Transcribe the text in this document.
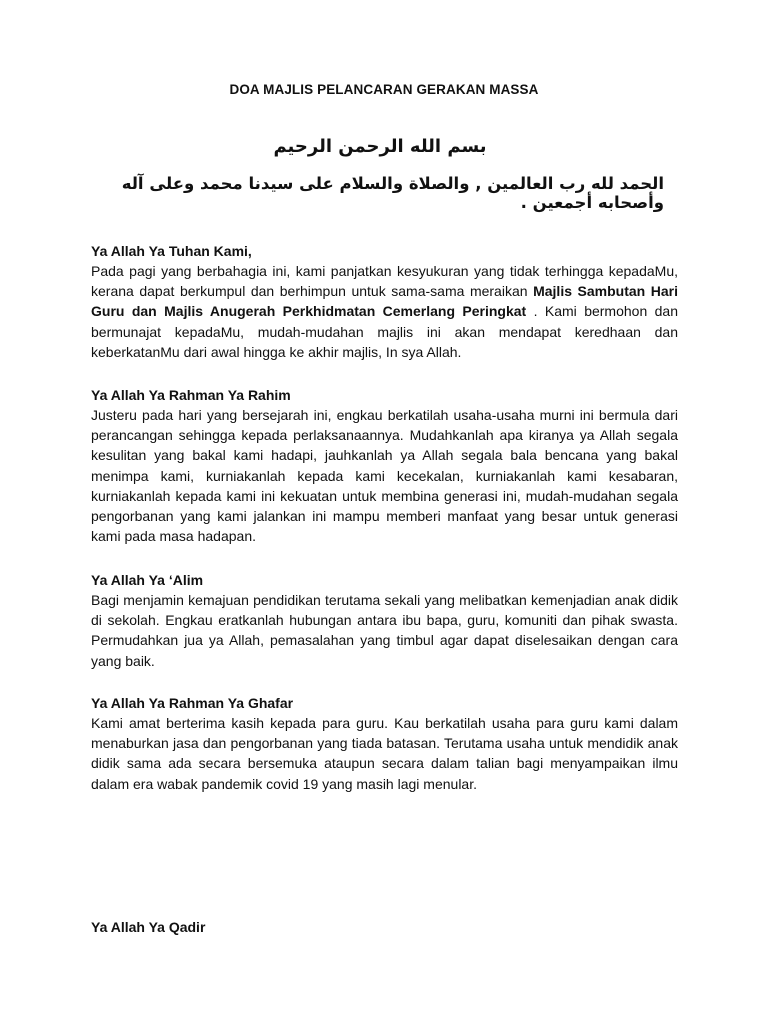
DOA MAJLIS PELANCARAN GERAKAN MASSA
بسم الله الرحمن الرحيم
الحمد لله رب العالمين , والصلاة والسلام على سيدنا محمد وعلى آله وأصحابه أجمعين .

Ya Allah Ya Tuhan Kami,

Pada pagi yang berbahagia ini, kami panjatkan kesyukuran yang tidak terhingga kepadaMu, kerana dapat berkumpul dan berhimpun untuk sama-sama meraikan Majlis Sambutan Hari Guru dan Majlis Anugerah Perkhidmatan Cemerlang Peringkat . Kami bermohon dan bermunajat kepadaMu, mudah-mudahan majlis ini akan mendapat keredhaan dan keberkatanMu dari awal hingga ke akhir majlis, In sya Allah.

Ya Allah Ya Rahman Ya Rahim

Justeru pada hari yang bersejarah ini, engkau berkatilah usaha-usaha murni ini bermula dari perancangan sehingga kepada perlaksanaannya. Mudahkanlah apa kiranya ya Allah segala kesulitan yang bakal kami hadapi, jauhkanlah ya Allah segala bala bencana yang bakal menimpa kami, kurniakanlah kepada kami kecekalan, kurniakanlah kami kesabaran, kurniakanlah kepada kami ini kekuatan untuk membina generasi ini, mudah-mudahan segala pengorbanan yang kami jalankan ini mampu memberi manfaat yang besar untuk generasi kami pada masa hadapan.

Ya Allah Ya ‘Alim

Bagi menjamin kemajuan pendidikan terutama sekali yang melibatkan kemenjadian anak didik di sekolah. Engkau eratkanlah hubungan antara ibu bapa, guru, komuniti dan pihak swasta. Permudahkan jua ya Allah, pemasalahan yang timbul agar dapat diselesaikan dengan cara yang baik.

Ya Allah Ya Rahman Ya Ghafar

Kami amat berterima kasih kepada para guru. Kau berkatilah usaha para guru kami dalam menaburkan jasa dan pengorbanan yang tiada batasan. Terutama usaha untuk mendidik anak didik sama ada secara bersemuka ataupun secara dalam talian bagi menyampaikan ilmu dalam era wabak pandemik covid 19 yang masih lagi menular.

Ya Allah Ya Qadir
